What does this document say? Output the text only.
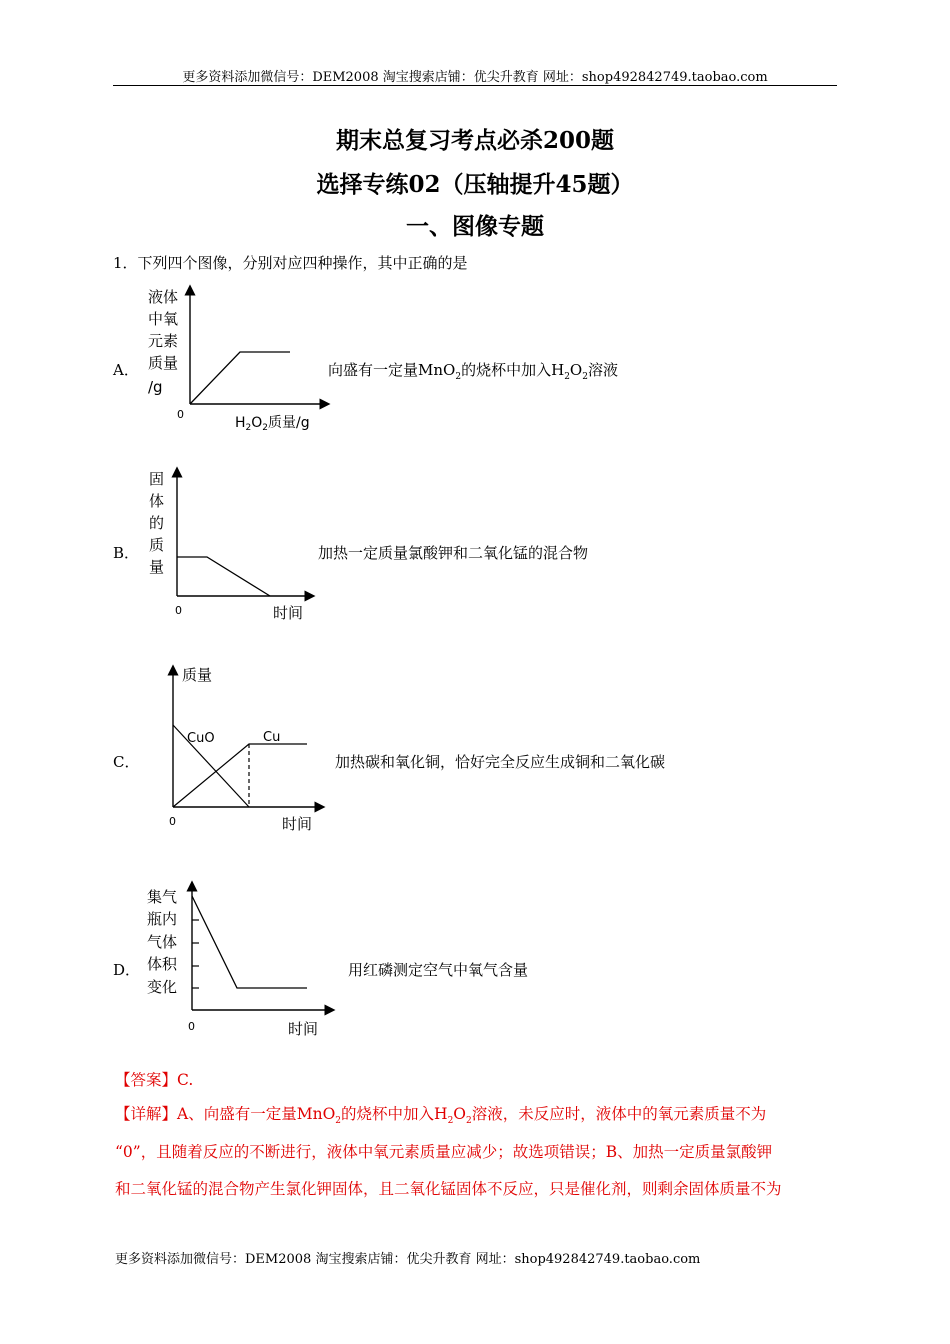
更多资料添加微信号：DEM2008 淘宝搜索店铺：优尖升教育 网址：shop492842749.taobao.com
期末总复习考点必杀200题
选择专练02（压轴提升45题）
一、图像专题
1．下列四个图像，分别对应四种操作，其中正确的是
A．	向盛有一定量MnO$_2$的烧杯中加入$H_2O_2$溶液
液体
中氧
元素
质量
/g
0
$H_2O_2$质量/g
B．	加热一定质量氯酸钾和二氧化锰的混合物
固
体
的
质
量
0	时间
C．	加热碳和氧化铜，恰好完全反应生成铜和二氧化碳
质量
CuO	Cu
0	时间
D．	用红磷测定空气中氧气含量
集气
瓶内
气体
体积
变化
0	时间
【答案】C.
【详解】A、向盛有一定量MnO$_2$的烧杯中加入$H_2O_2$溶液，未反应时，液体中的氧元素质量不为
“0”，且随着反应的不断进行，液体中氧元素质量应减少；故选项错误；B、加热一定质量氯酸钾
和二氧化锰的混合物产生氯化钾固体，且二氧化锰固体不反应，只是催化剂，则剩余固体质量不为
更多资料添加微信号：DEM2008 淘宝搜索店铺：优尖升教育 网址：shop492842749.taobao.com
